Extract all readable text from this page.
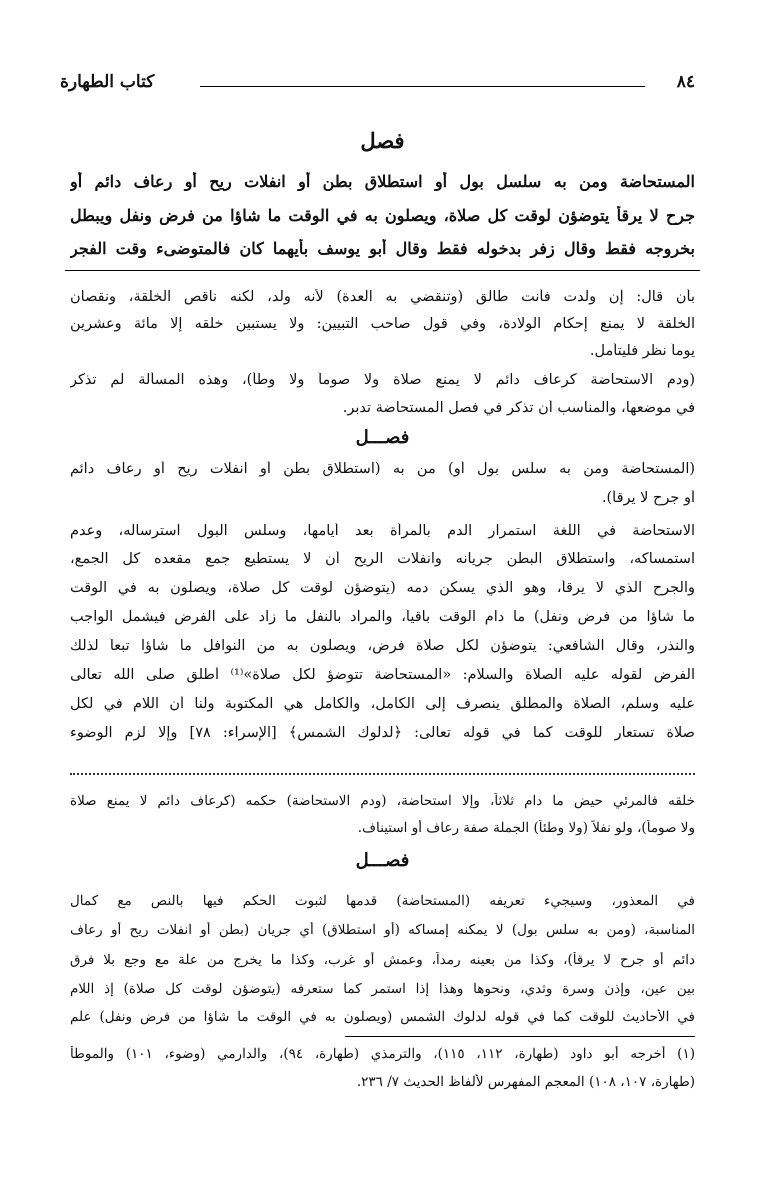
٨٤
كتاب الطهارة
فصل
المستحاضة ومن به سلسل بول أو استطلاق بطن أو انفلات ريح أو رعاف دائم أو
جرح لا يرقأ يتوضؤن لوقت كل صلاة، ويصلون به في الوقت ما شاؤا من فرض ونفل ويبطل
بخروجه فقط وقال زفر بدخوله فقط وقال أبو يوسف بأيهما كان فالمتوضىء وقت الفجر
بأن قال: إن ولدت فأنت طالق (وتنقضي به العدة) لأنه ولد، لكنه ناقص الخلقة، ونقصان
الخلقة لا يمنع إحكام الولادة، وفي قول صاحب التبيين: ولا يستبين خلقه إلا مائة وعشرين
يوماً نظر فليتأمل.
(ودم الاستحاضة كرعاف دائم لا يمنع صلاة ولا صوماً ولا وطأ)، وهذه المسألة لم تذكر
في موضعها، والمناسب أن تذكر في فصل المستحاضة تدبر.
فصـــل
(المستحاضة ومن به سلس بول أو) من به (استطلاق بطن أو انفلات ريح أو رعاف دائم
أو جرح لا يرقأ).
الاستحاضة في اللغة استمرار الدم بالمرأة بعد أيامها، وسلس البول استرساله، وعدم
استمساكه، واستطلاق البطن جريانه وانفلات الريح أن لا يستطيع جمع مقعده كل الجمع،
والجرح الذي لا يرقأ، وهو الذي يسكن دمه (يتوضؤن لوقت كل صلاة، ويصلون به في الوقت
ما شاؤا من فرض ونفل) ما دام الوقت باقياً، والمراد بالنفل ما زاد على الفرض فيشمل الواجب
والنذر، وقال الشافعي: يتوضؤن لكل صلاة فرض، ويصلون به من النوافل ما شاؤا تبعاً لذلك
الفرض لقوله عليه الصلاة والسلام: «المستحاضة تتوضؤ لكل صلاة»⁽¹⁾ أطلق صلى الله تعالى
عليه وسلم، الصلاة والمطلق ينصرف إلى الكامل، والكامل هي المكتوبة ولنا أن اللام في لكل
صلاة تستعار للوقت كما في قوله تعالى: ﴿لدلوك الشمس﴾ [الإسراء: ٧٨] وإلا لزم الوضوء
خلقه فالمرئي حيض ما دام ثلاثاً، وإلا استحاضة، (ودم الاستحاضة) حكمه (كرعاف دائم لا يمنع صلاة
ولا صوماً)، ولو نفلاً (ولا وطئاً) الجملة صفة رعاف أو استيناف.
فصـــل
في المعذور، وسيجيء تعريفه (المستحاضة) قدمها لثبوت الحكم فيها بالنص مع كمال
المناسبة، (ومن به سلس بول) لا يمكنه إمساكه (أو استطلاق) أي جريان (بطن أو انفلات ريح أو رعاف
دائم أو جرح لا يرقأ)، وكذا من بعينه رمداً، وعمش أو غرب، وكذا ما يخرج من علة مع وجع بلا فرق
بين عين، وإذن وسرة وثدي، ونحوها وهذا إذا استمر كما ستعرفه (يتوضؤن لوقت كل صلاة) إذ اللام
في الأحاديث للوقت كما في قوله لدلوك الشمس (ويصلون به في الوقت ما شاؤا من فرض ونفل) علم
(١) أخرجه أبو داود (طهارة، ١١٢، ١١٥)، والترمذي (طهارة، ٩٤)، والدارمي (وضوء، ١٠١) والموطأ
(طهارة، ١٠٧، ١٠٨) المعجم المفهرس لألفاظ الحديث ٧/ ٢٣٦.
